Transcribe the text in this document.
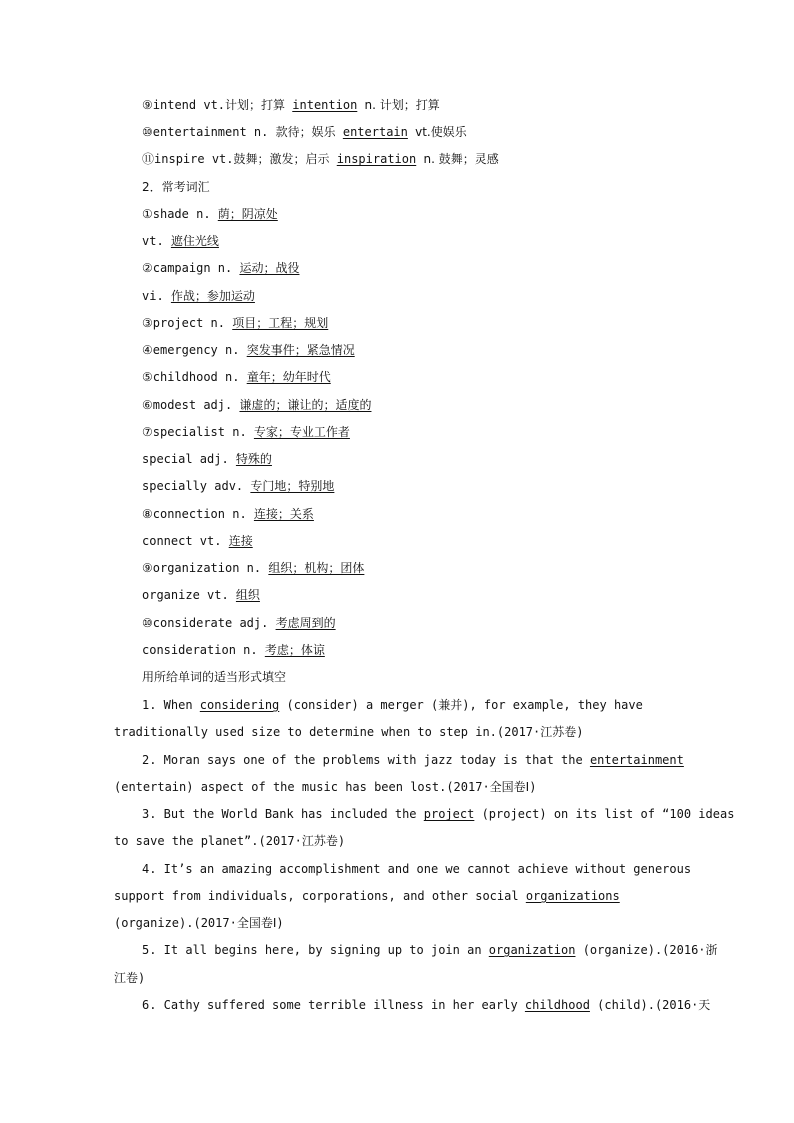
⑨intend vt.计划；打算 intention n. 计划；打算
⑩entertainment n. 款待；娱乐 entertain vt.使娱乐
⑪inspire vt.鼓舞；激发；启示 inspiration n. 鼓舞；灵感
2．常考词汇
①shade n. 荫；阴凉处
vt. 遮住光线
②campaign n. 运动；战役
vi. 作战；参加运动
③project n. 项目；工程；规划
④emergency n. 突发事件；紧急情况
⑤childhood n. 童年；幼年时代
⑥modest adj. 谦虚的；谦让的；适度的
⑦specialist n. 专家；专业工作者
special adj. 特殊的
specially adv. 专门地；特别地
⑧connection n. 连接；关系
connect vt. 连接
⑨organization n. 组织；机构；团体
organize vt. 组织
⑩considerate adj. 考虑周到的
consideration n. 考虑；体谅
用所给单词的适当形式填空
1. When considering (consider) a merger (兼并), for example, they have
traditionally used size to determine when to step in.(2017·江苏卷)
2. Moran says one of the problems with jazz today is that the entertainment
(entertain) aspect of the music has been lost.(2017·全国卷Ⅰ)
3. But the World Bank has included the project (project) on its list of “100 ideas
to save the planet”.(2017·江苏卷)
4. It’s an amazing accomplishment and one we cannot achieve without generous
support from individuals, corporations, and other social organizations
(organize).(2017·全国卷Ⅰ)
5. It all begins here, by signing up to join an organization (organize).(2016·浙
江卷)
6. Cathy suffered some terrible illness in her early childhood (child).(2016·天
